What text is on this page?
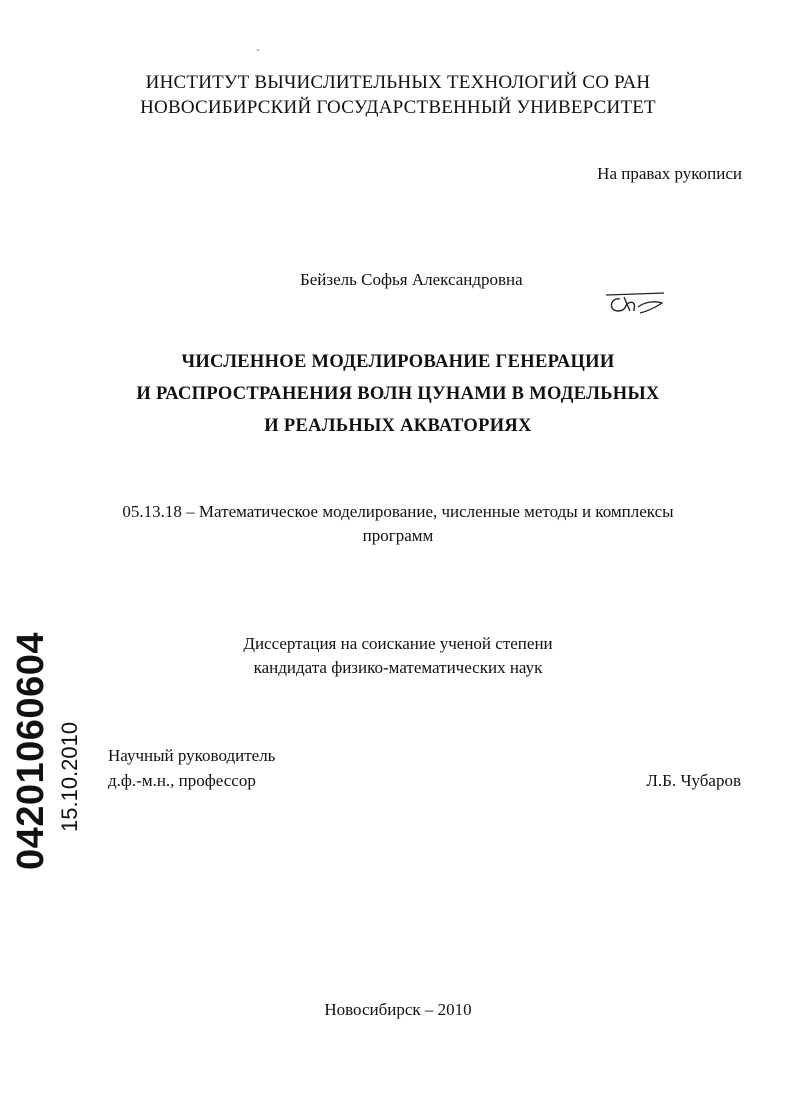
ИНСТИТУТ ВЫЧИСЛИТЕЛЬНЫХ ТЕХНОЛОГИЙ СО РАН
НОВОСИБИРСКИЙ ГОСУДАРСТВЕННЫЙ УНИВЕРСИТЕТ
На правах рукописи
Бейзель Софья Александровна
ЧИСЛЕННОЕ МОДЕЛИРОВАНИЕ ГЕНЕРАЦИИ
И РАСПРОСТРАНЕНИЯ ВОЛН ЦУНАМИ В МОДЕЛЬНЫХ
И РЕАЛЬНЫХ АКВАТОРИЯХ
05.13.18 – Математическое моделирование, численные методы и комплексы
программ
Диссертация на соискание ученой степени
кандидата физико-математических наук
Научный руководитель
д.ф.-м.н., профессор	Л.Б. Чубаров
Новосибирск – 2010
04201060604 15.10.2010
